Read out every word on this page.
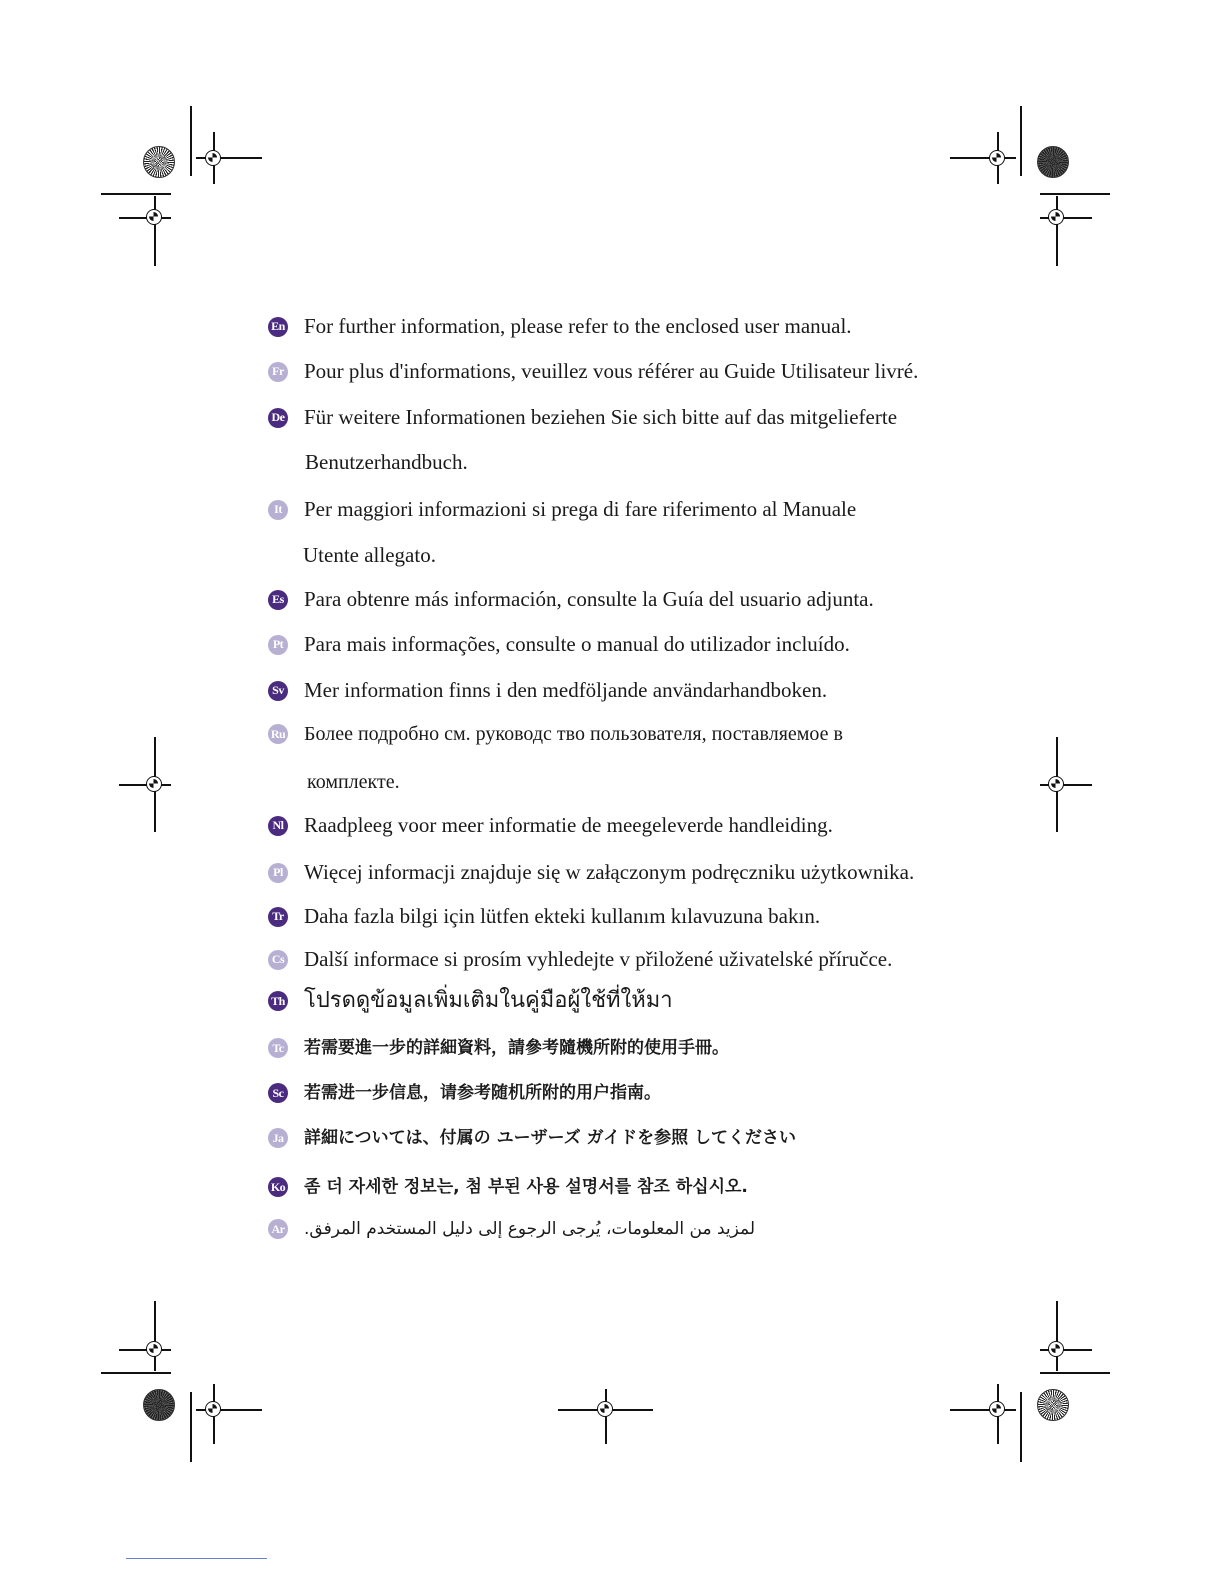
En For further information, please refer to the enclosed user manual.
Fr Pour plus d'informations, veuillez vous référer au Guide Utilisateur livré.
De Für weitere Informationen beziehen Sie sich bitte auf das mitgelieferte
Benutzerhandbuch.
It Per maggiori informazioni si prega di fare riferimento al Manuale
Utente allegato.
Es Para obtenre más información, consulte la Guía del usuario adjunta.
Pt Para mais informações, consulte o manual do utilizador incluído.
Sv Mer information finns i den medföljande användarhandboken.
Ru Более подробно см. руководс тво пользователя, поставляемое в
комплекте.
Nl Raadpleeg voor meer informatie de meegeleverde handleiding.
Pl Więcej informacji znajduje się w załączonym podręczniku użytkownika.
Tr Daha fazla bilgi için lütfen ekteki kullanım kılavuzuna bakın.
Cs Další informace si prosím vyhledejte v přiložené uživatelské příručce.
Th โปรดดูข้อมูลเพิ่มเติมในคู่มือผู้ใช้ที่ให้มา
Tc 若需要進一步的詳細資料，請參考隨機所附的使用手冊。
Sc 若需进一步信息，请参考随机所附的用户指南。
Ja 詳細については、付属の ユーザーズ ガイドを参照 してください
Ko 좀 더 자세한 정보는, 첨 부된 사용 설명서를 참조 하십시오.
Ar لمزيد من المعلومات، يُرجى الرجوع إلى دليل المستخدم المرفق.
